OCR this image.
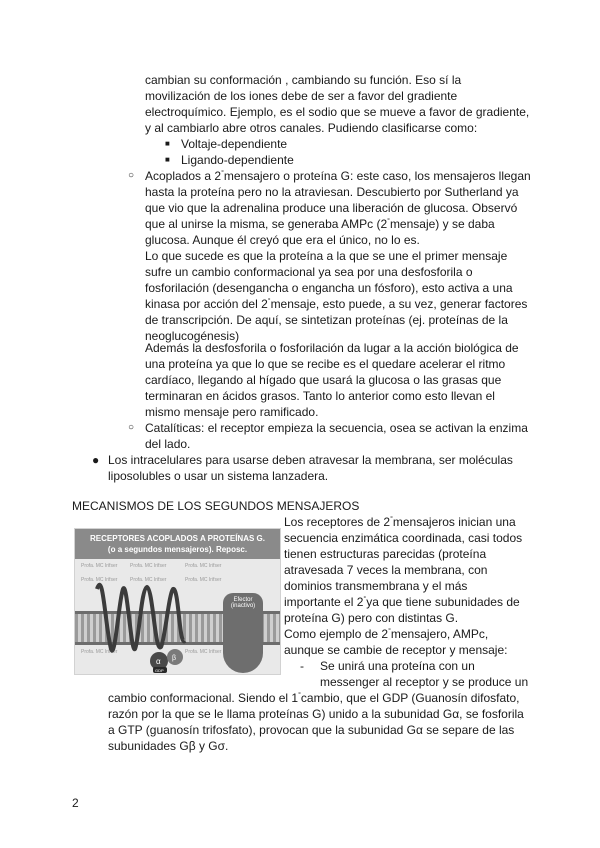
cambian su conformación , cambiando su función. Eso sí la
movilización de los iones debe de ser a favor del gradiente
electroquímico. Ejemplo, es el sodio que se mueve a favor de gradiente,
y al cambiarlo abre otros canales. Pudiendo clasificarse como:
■ Voltaje-dependiente
■ Ligando-dependiente
○ Acoplados a 2°mensajero o proteína G: este caso, los mensajeros llegan
hasta la proteína pero no la atraviesan. Descubierto por Sutherland ya
que vio que la adrenalina produce una liberación de glucosa. Observó
que al unirse la misma, se generaba AMPc (2°mensaje) y se daba
glucosa. Aunque él creyó que era el único, no lo es.
Lo que sucede es que la proteína a la que se une el primer mensaje
sufre un cambio conformacional ya sea por una desfosforila o
fosforilación (desengancha o engancha un fósforo), esto activa a una
kinasa por acción del 2°mensaje, esto puede, a su vez, generar factores
de transcripción. De aquí, se sintetizan proteínas (ej. proteínas de la
neoglucogénesis)
Además la desfosforila o fosforilación da lugar a la acción biológica de
una proteína ya que lo que se recibe es el quedare acelerar el ritmo
cardíaco, llegando al hígado que usará la glucosa o las grasas que
terminaran en ácidos grasos. Tanto lo anterior como esto llevan el
mismo mensaje pero ramificado.
○ Catalíticas: el receptor empieza la secuencia, osea se activan la enzima
del lado.
● Los intracelulares para usarse deben atravesar la membrana, ser moléculas
liposolubles o usar un sistema lanzadera.
MECANISMOS DE LOS SEGUNDOS MENSAJEROS
RECEPTORES ACOPLADOS A PROTEÍNAS G.
(o a segundos mensajeros). Reposc.
Profa. MC Irifser	Profa. MC Irifser	Profa. MC Irifser
Profa. MC Irifser	Profa. MC Irifser	Profa. MC Irifser
Profa. MC Irifser	Profa. MC Irifser
α β
GDP
Efector
(inactivo)
Los receptores de 2°mensajeros inician una
secuencia enzimática coordinada, casi todos
tienen estructuras parecidas (proteína
atravesada 7 veces la membrana, con
dominios transmembrana y el más
importante el 2°ya que tiene subunidades de
proteína G) pero con distintas G.
Como ejemplo de 2°mensajero, AMPc,
aunque se cambie de receptor y mensaje:
- Se unirá una proteína con un
messenger al receptor y se produce un
cambio conformacional. Siendo el 1°cambio, que el GDP (Guanosín difosfato,
razón por la que se le llama proteínas G) unido a la subunidad Gα, se fosforila
a GTP (guanosín trifosfato), provocan que la subunidad Gα se separe de las
subunidades Gβ y Gσ.
2
